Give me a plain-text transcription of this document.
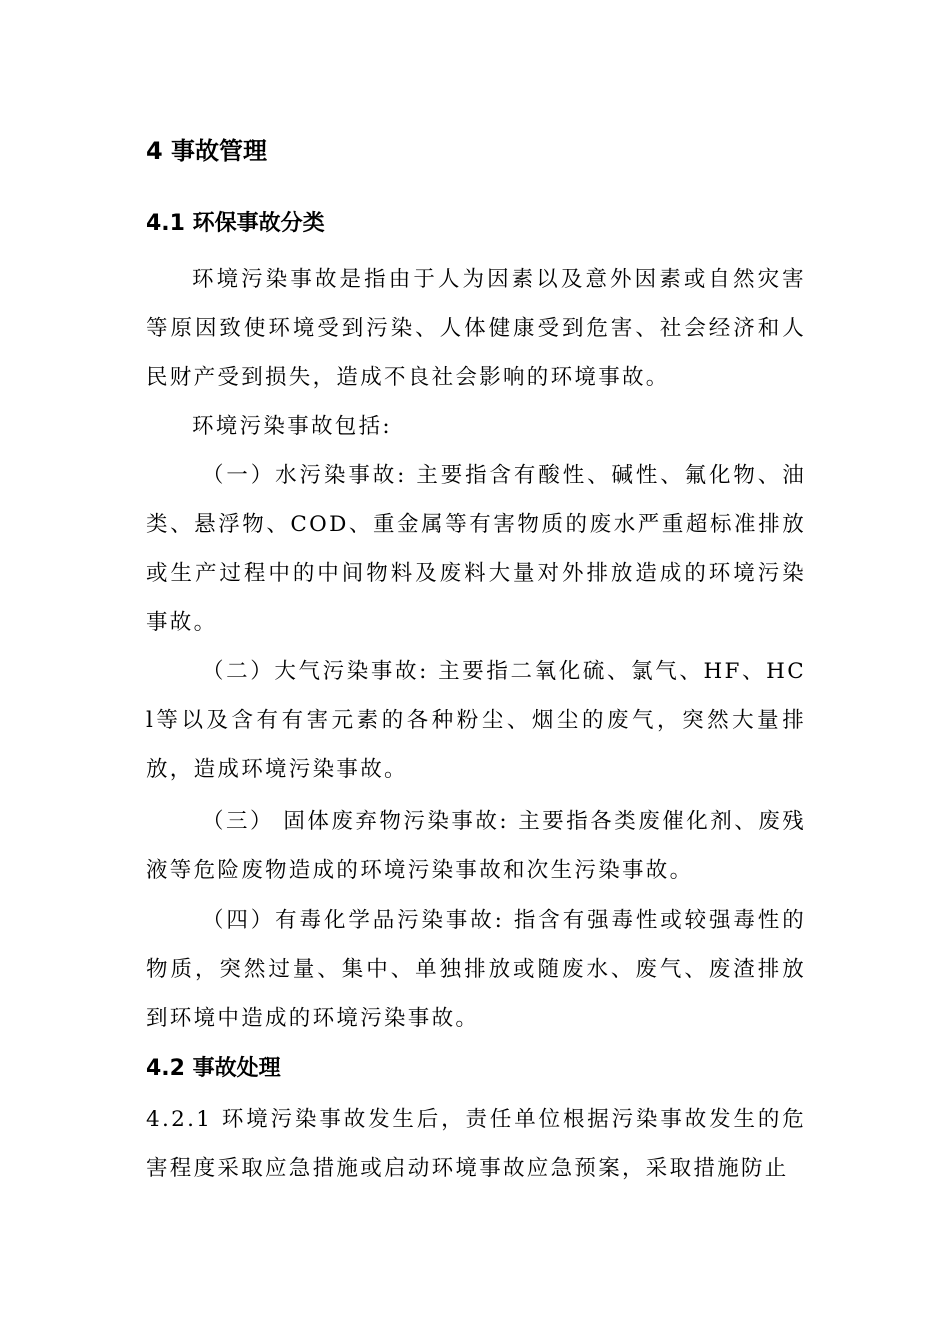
4 事故管理
4.1 环保事故分类
环境污染事故是指由于人为因素以及意外因素或自然灾害等原因致使环境受到污染、人体健康受到危害、社会经济和人民财产受到损失，造成不良社会影响的环境事故。
环境污染事故包括:
（一）水污染事故: 主要指含有酸性、碱性、氟化物、油类、悬浮物、COD、重金属等有害物质的废水严重超标准排放或生产过程中的中间物料及废料大量对外排放造成的环境污染事故。
（二）大气污染事故: 主要指二氧化硫、氯气、HF、HCl等以及含有有害元素的各种粉尘、烟尘的废气，突然大量排放，造成环境污染事故。
（三） 固体废弃物污染事故: 主要指各类废催化剂、废残液等危险废物造成的环境污染事故和次生污染事故。
（四）有毒化学品污染事故: 指含有强毒性或较强毒性的物质，突然过量、集中、单独排放或随废水、废气、废渣排放到环境中造成的环境污染事故。
4.2 事故处理
4.2.1 环境污染事故发生后，责任单位根据污染事故发生的危害程度采取应急措施或启动环境事故应急预案，采取措施防止
